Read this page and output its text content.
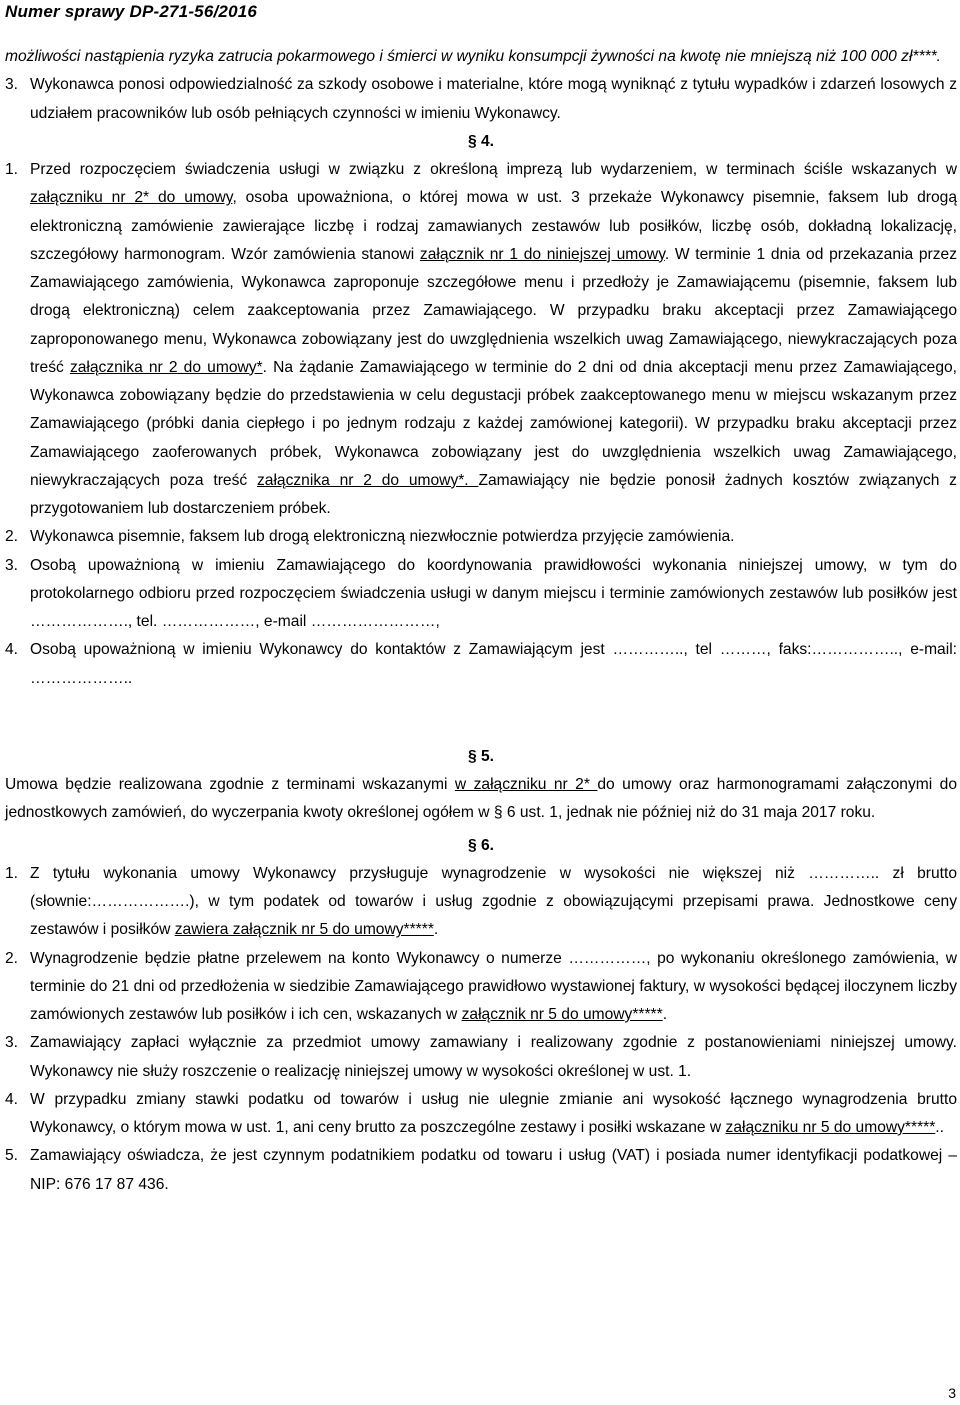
Numer sprawy DP-271-56/2016

możliwości nastąpienia ryzyka zatrucia pokarmowego i śmierci w wyniku konsumpcji żywności na kwotę nie mniejszą niż 100 000 zł****.

3. Wykonawca ponosi odpowiedzialność za szkody osobowe i materialne, które mogą wyniknąć z tytułu wypadków i zdarzeń losowych z udziałem pracowników lub osób pełniących czynności w imieniu Wykonawcy.

§ 4.

1. Przed rozpoczęciem świadczenia usługi w związku z określoną imprezą lub wydarzeniem, w terminach ściśle wskazanych w załączniku nr 2* do umowy, osoba upoważniona, o której mowa w ust. 3 przekaże Wykonawcy pisemnie, faksem lub drogą elektroniczną zamówienie zawierające liczbę i rodzaj zamawianych zestawów lub posiłków, liczbę osób, dokładną lokalizację, szczegółowy harmonogram. Wzór zamówienia stanowi załącznik nr 1 do niniejszej umowy. W terminie 1 dnia od przekazania przez Zamawiającego zamówienia, Wykonawca zaproponuje szczegółowe menu i przedłoży je Zamawiającemu (pisemnie, faksem lub drogą elektroniczną) celem zaakceptowania przez Zamawiającego. W przypadku braku akceptacji przez Zamawiającego zaproponowanego menu, Wykonawca zobowiązany jest do uwzględnienia wszelkich uwag Zamawiającego, niewykraczających poza treść załącznika nr 2 do umowy*. Na żądanie Zamawiającego w terminie do 2 dni od dnia akceptacji menu przez Zamawiającego, Wykonawca zobowiązany będzie do przedstawienia w celu degustacji próbek zaakceptowanego menu w miejscu wskazanym przez Zamawiającego (próbki dania ciepłego i po jednym rodzaju z każdej zamówionej kategorii). W przypadku braku akceptacji przez Zamawiającego zaoferowanych próbek, Wykonawca zobowiązany jest do uwzględnienia wszelkich uwag Zamawiającego, niewykraczających poza treść załącznika nr 2 do umowy*. Zamawiający nie będzie ponosił żadnych kosztów związanych z przygotowaniem lub dostarczeniem próbek.
2. Wykonawca pisemnie, faksem lub drogą elektroniczną niezwłocznie potwierdza przyjęcie zamówienia.
3. Osobą upoważnioną w imieniu Zamawiającego do koordynowania prawidłowości wykonania niniejszej umowy, w tym do protokolarnego odbioru przed rozpoczęciem świadczenia usługi w danym miejscu i terminie zamówionych zestawów lub posiłków jest ………………., tel. ………………, e-mail ……………………,
4. Osobą upoważnioną w imieniu Wykonawcy do kontaktów z Zamawiającym jest ………….., tel ………, faks:…………….., e-mail: ………………..

§ 5.

Umowa będzie realizowana zgodnie z terminami wskazanymi w załączniku nr 2* do umowy oraz harmonogramami załączonymi do jednostkowych zamówień, do wyczerpania kwoty określonej ogółem w § 6 ust. 1, jednak nie później niż do 31 maja 2017 roku.

§ 6.

1. Z tytułu wykonania umowy Wykonawcy przysługuje wynagrodzenie w wysokości nie większej niż ………….. zł brutto (słownie:……………….), w tym podatek od towarów i usług zgodnie z obowiązującymi przepisami prawa. Jednostkowe ceny zestawów i posiłków zawiera załącznik nr 5 do umowy*****.
2. Wynagrodzenie będzie płatne przelewem na konto Wykonawcy o numerze ……………, po wykonaniu określonego zamówienia, w terminie do 21 dni od przedłożenia w siedzibie Zamawiającego prawidłowo wystawionej faktury, w wysokości będącej iloczynem liczby zamówionych zestawów lub posiłków i ich cen, wskazanych w załącznik nr 5 do umowy*****.
3. Zamawiający zapłaci wyłącznie za przedmiot umowy zamawiany i realizowany zgodnie z postanowieniami niniejszej umowy. Wykonawcy nie służy roszczenie o realizację niniejszej umowy w wysokości określonej w ust. 1.
4. W przypadku zmiany stawki podatku od towarów i usług nie ulegnie zmianie ani wysokość łącznego wynagrodzenia brutto Wykonawcy, o którym mowa w ust. 1, ani ceny brutto za poszczególne zestawy i posiłki wskazane w załączniku nr 5 do umowy*****..
5. Zamawiający oświadcza, że jest czynnym podatnikiem podatku od towaru i usług (VAT) i posiada numer identyfikacji podatkowej – NIP: 676 17 87 436.
3
